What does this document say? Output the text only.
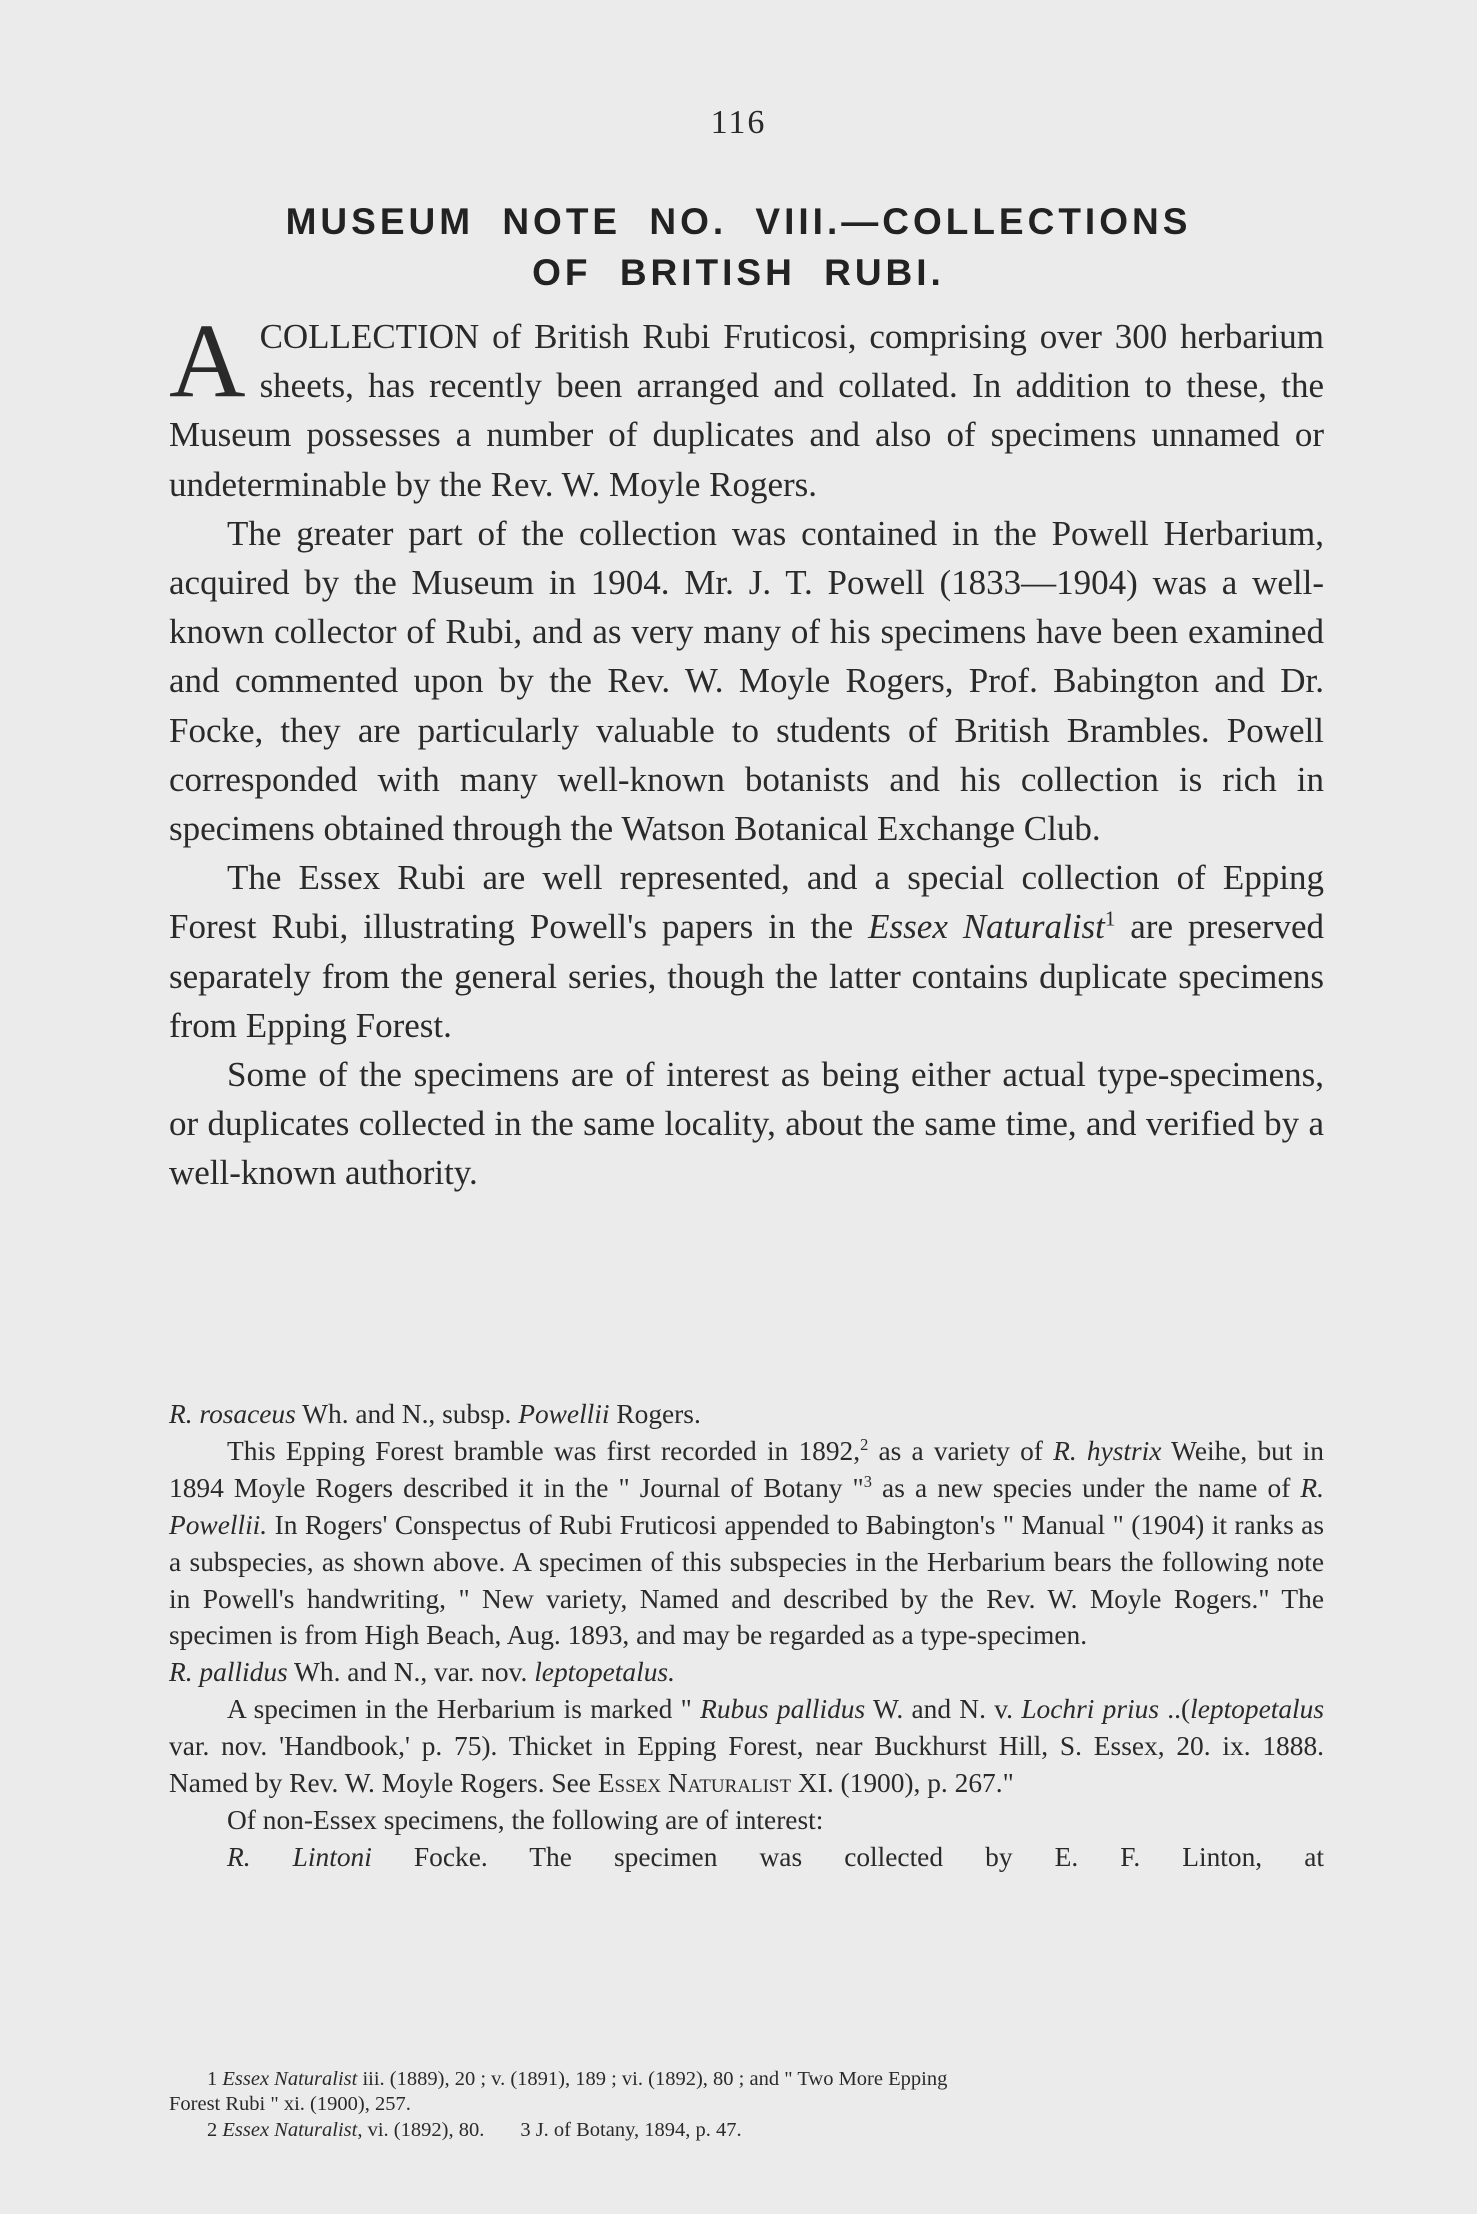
116
MUSEUM NOTE NO. VIII.—COLLECTIONS
OF BRITISH RUBI.

ACOLLECTION of British Rubi Fruticosi, comprising over 300 herbarium sheets, has recently been arranged and collated. In addition to these, the Museum possesses a number of duplicates and also of specimens unnamed or undeterminable by the Rev. W. Moyle Rogers.

The greater part of the collection was contained in the Powell Herbarium, acquired by the Museum in 1904. Mr. J. T. Powell (1833—1904) was a well-known collector of Rubi, and as very many of his specimens have been examined and commented upon by the Rev. W. Moyle Rogers, Prof. Babington and Dr. Focke, they are particularly valuable to students of British Brambles. Powell corresponded with many well-known botanists and his collection is rich in specimens obtained through the Watson Botanical Exchange Club.

The Essex Rubi are well represented, and a special collection of Epping Forest Rubi, illustrating Powell's papers in the Essex Naturalist$^1$ are preserved separately from the general series, though the latter contains duplicate specimens from Epping Forest.

Some of the specimens are of interest as being either actual type-specimens, or duplicates collected in the same locality, about the same time, and verified by a well-known authority.

R. rosaceus Wh. and N., subsp. Powellii Rogers.

This Epping Forest bramble was first recorded in 1892,$^2$ as a variety of R. hystrix Weihe, but in 1894 Moyle Rogers described it in the " Journal of Botany "$^3$ as a new species under the name of R. Powellii. In Rogers' Conspectus of Rubi Fruticosi appended to Babington's " Manual " (1904) it ranks as a subspecies, as shown above. A specimen of this subspecies in the Herbarium bears the following note in Powell's handwriting, " New variety, Named and described by the Rev. W. Moyle Rogers." The specimen is from High Beach, Aug. 1893, and may be regarded as a type-specimen.

R. pallidus Wh. and N., var. nov. leptopetalus.

A specimen in the Herbarium is marked " Rubus pallidus W. and N. v. Lochri prius ..(leptopetalus var. nov. 'Handbook,' p. 75). Thicket in Epping Forest, near Buckhurst Hill, S. Essex, 20. ix. 1888. Named by Rev. W. Moyle Rogers. See Essex Naturalist XI. (1900), p. 267."

Of non-Essex specimens, the following are of interest:

R. Lintoni Focke. The specimen was collected by E. F. Linton, at

1 Essex Naturalist iii. (1889), 20 ; v. (1891), 189 ; vi. (1892), 80 ; and " Two More Epping

Forest Rubi " xi. (1900), 257.

2 Essex Naturalist, vi. (1892), 80. 3 J. of Botany, 1894, p. 47.
